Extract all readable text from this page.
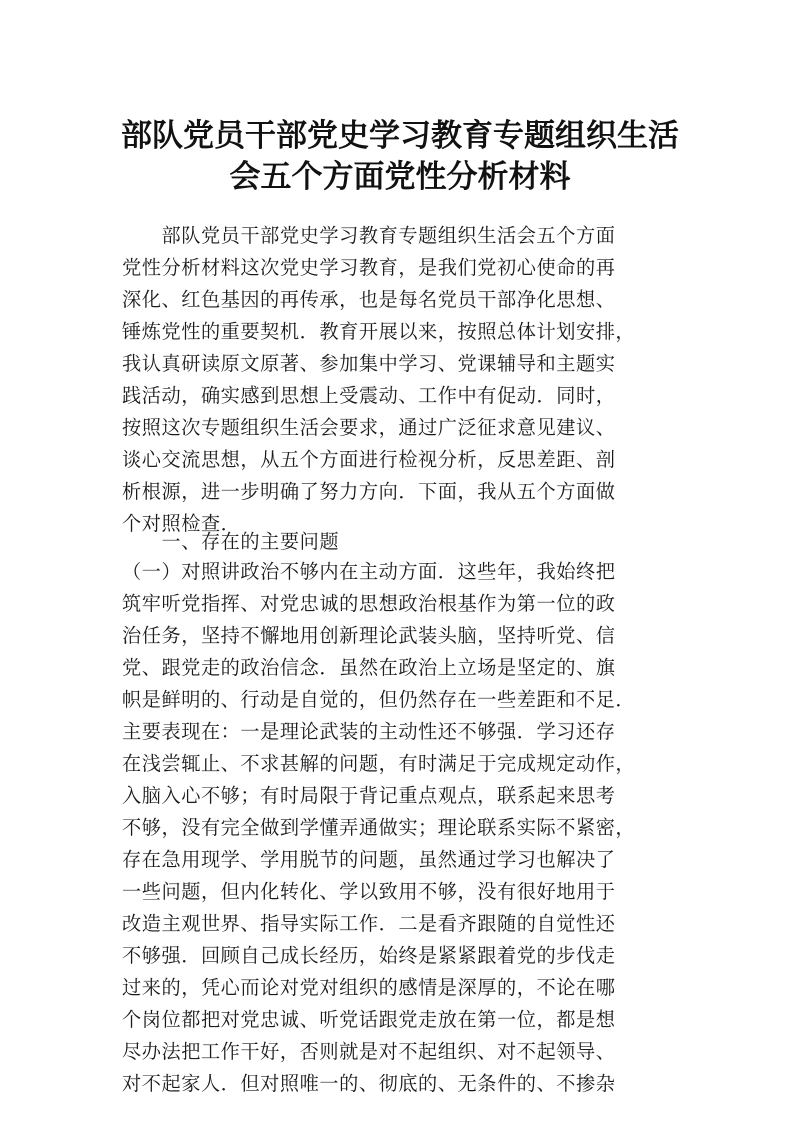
部队党员干部党史学习教育专题组织生活
会五个方面党性分析材料
　　部队党员干部党史学习教育专题组织生活会五个方面
党性分析材料这次党史学习教育，是我们党初心使命的再
深化、红色基因的再传承，也是每名党员干部净化思想、
锤炼党性的重要契机．教育开展以来，按照总体计划安排，
我认真研读原文原著、参加集中学习、党课辅导和主题实
践活动，确实感到思想上受震动、工作中有促动．同时，
按照这次专题组织生活会要求，通过广泛征求意见建议、
谈心交流思想，从五个方面进行检视分析，反思差距、剖
析根源，进一步明确了努力方向．下面，我从五个方面做
个对照检查．
　　一、存在的主要问题
（一）对照讲政治不够内在主动方面．这些年，我始终把
筑牢听党指挥、对党忠诚的思想政治根基作为第一位的政
治任务，坚持不懈地用创新理论武装头脑，坚持听党、信
党、跟党走的政治信念．虽然在政治上立场是坚定的、旗
帜是鲜明的、行动是自觉的，但仍然存在一些差距和不足．
主要表现在：一是理论武装的主动性还不够强．学习还存
在浅尝辄止、不求甚解的问题，有时满足于完成规定动作，
入脑入心不够；有时局限于背记重点观点，联系起来思考
不够，没有完全做到学懂弄通做实；理论联系实际不紧密，
存在急用现学、学用脱节的问题，虽然通过学习也解决了
一些问题，但内化转化、学以致用不够，没有很好地用于
改造主观世界、指导实际工作．二是看齐跟随的自觉性还
不够强．回顾自己成长经历，始终是紧紧跟着党的步伐走
过来的，凭心而论对党对组织的感情是深厚的，不论在哪
个岗位都把对党忠诚、听党话跟党走放在第一位，都是想
尽办法把工作干好，否则就是对不起组织、对不起领导、
对不起家人．但对照唯一的、彻底的、无条件的、不掺杂
